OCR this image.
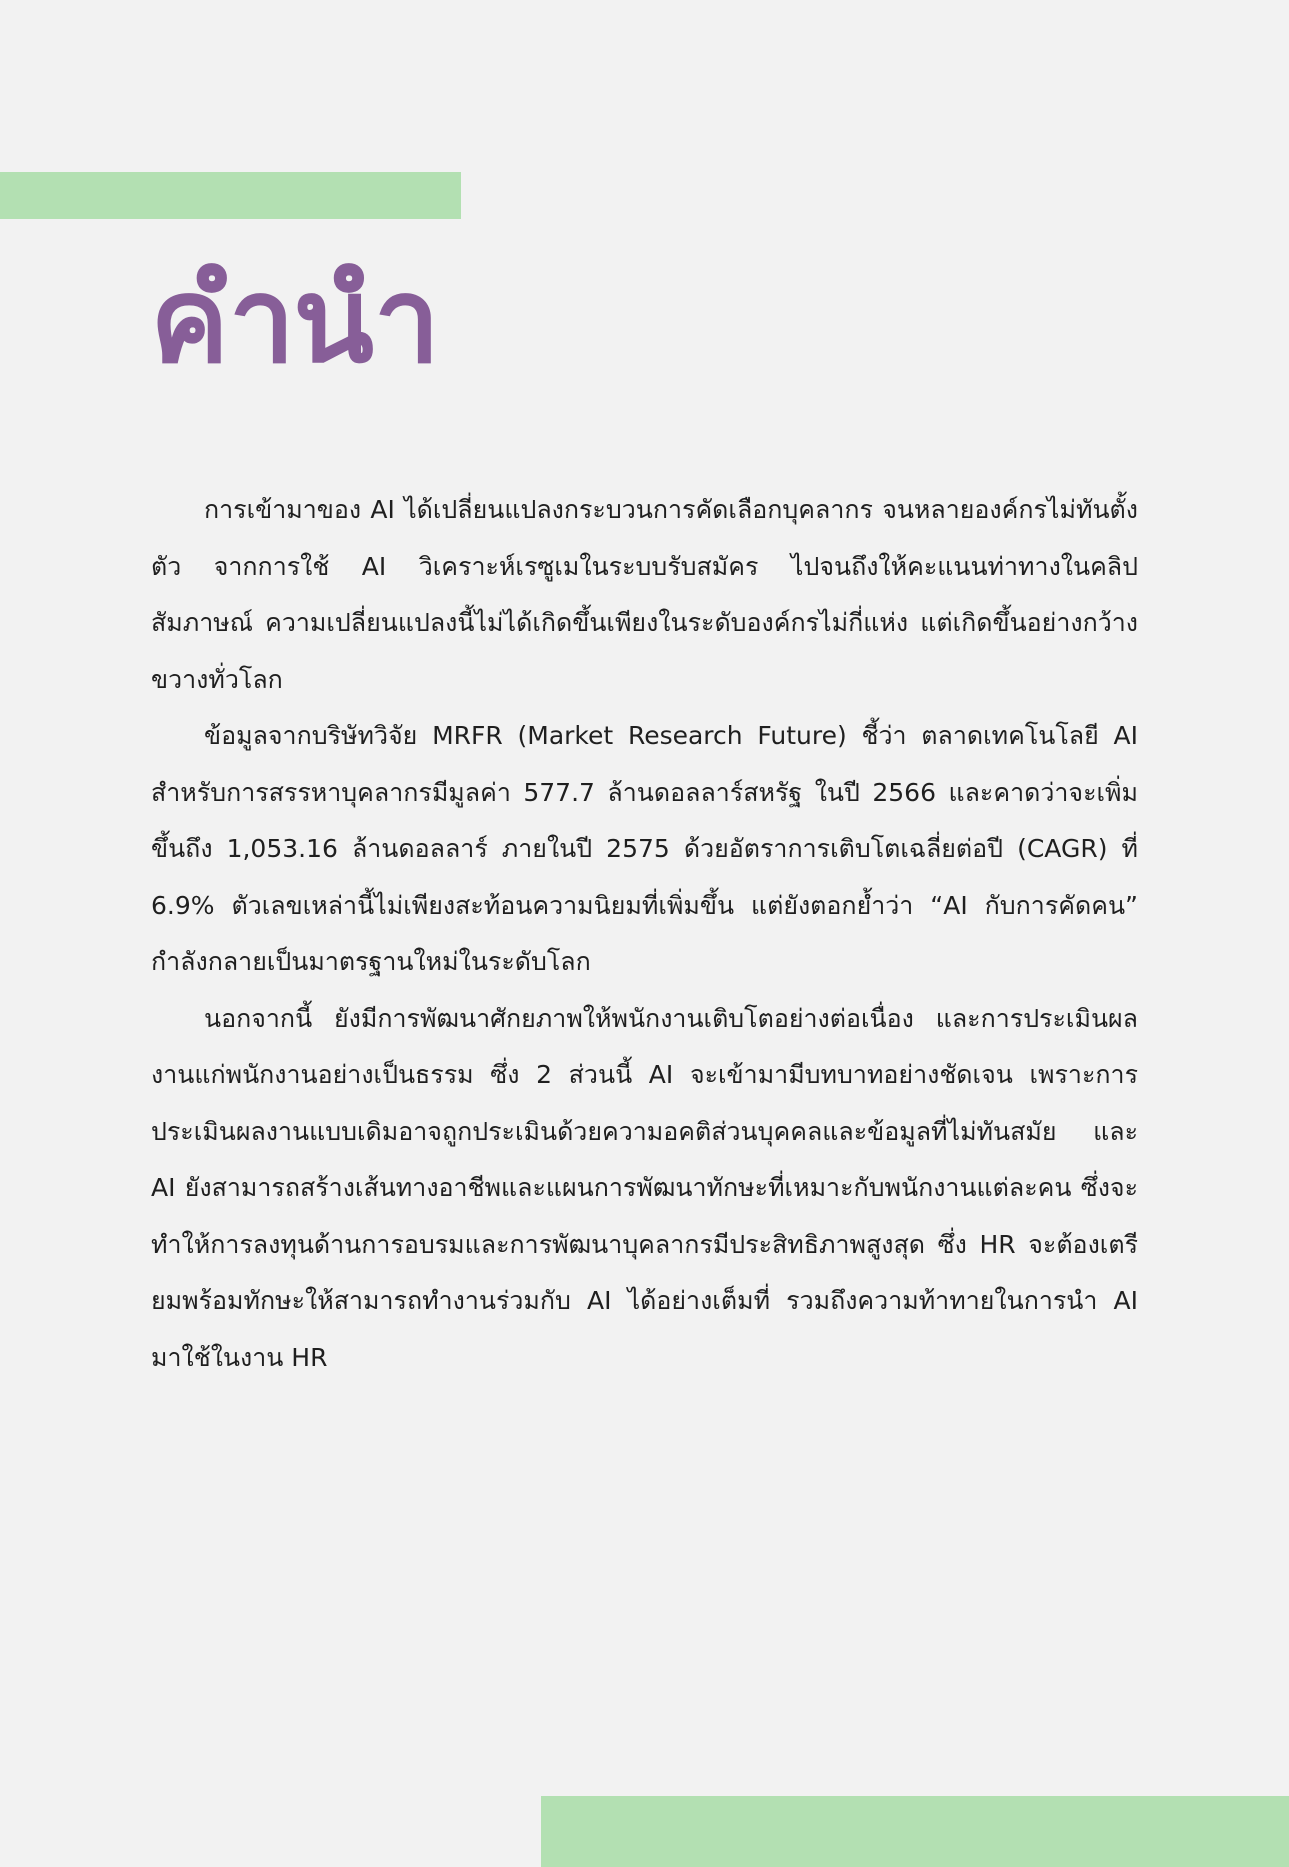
คำนำ

การเข้ามาของ AI ได้เปลี่ยนแปลงกระบวนการคัดเลือกบุคลากร จนหลายองค์กรไม่ทันตั้งตัว จากการใช้ AI วิเคราะห์เรซูเมในระบบรับสมัคร ไปจนถึงให้คะแนนท่าทางในคลิปสัมภาษณ์ ความเปลี่ยนแปลงนี้ไม่ได้เกิดขึ้นเพียงในระดับองค์กรไม่กี่แห่ง แต่เกิดขึ้นอย่างกว้างขวางทั่วโลก

ข้อมูลจากบริษัทวิจัย MRFR (Market Research Future) ชี้ว่า ตลาดเทคโนโลยี AI สำหรับการสรรหาบุคลากรมีมูลค่า 577.7 ล้านดอลลาร์สหรัฐ ในปี 2566 และคาดว่าจะเพิ่มขึ้นถึง 1,053.16 ล้านดอลลาร์ ภายในปี 2575 ด้วยอัตราการเติบโตเฉลี่ยต่อปี (CAGR) ที่ 6.9% ตัวเลขเหล่านี้ไม่เพียงสะท้อนความนิยมที่เพิ่มขึ้น แต่ยังตอกย้ำว่า “AI กับการคัดคน” กำลังกลายเป็นมาตรฐานใหม่ในระดับโลก

นอกจากนี้ ยังมีการพัฒนาศักยภาพให้พนักงานเติบโตอย่างต่อเนื่อง และการประเมินผลงานแก่พนักงานอย่างเป็นธรรม ซึ่ง 2 ส่วนนี้ AI จะเข้ามามีบทบาทอย่างชัดเจน เพราะการประเมินผลงานแบบเดิมอาจถูกประเมินด้วยความอคติส่วนบุคคลและข้อมูลที่ไม่ทันสมัย และ AI ยังสามารถสร้างเส้นทางอาชีพและแผนการพัฒนาทักษะที่เหมาะกับพนักงานแต่ละคน ซึ่งจะทำให้การลงทุนด้านการอบรมและการพัฒนาบุคลากรมีประสิทธิภาพสูงสุด ซึ่ง HR จะต้องเตรียมพร้อมทักษะให้สามารถทำงานร่วมกับ AI ได้อย่างเต็มที่ รวมถึงความท้าทายในการนำ AI มาใช้ในงาน HR
